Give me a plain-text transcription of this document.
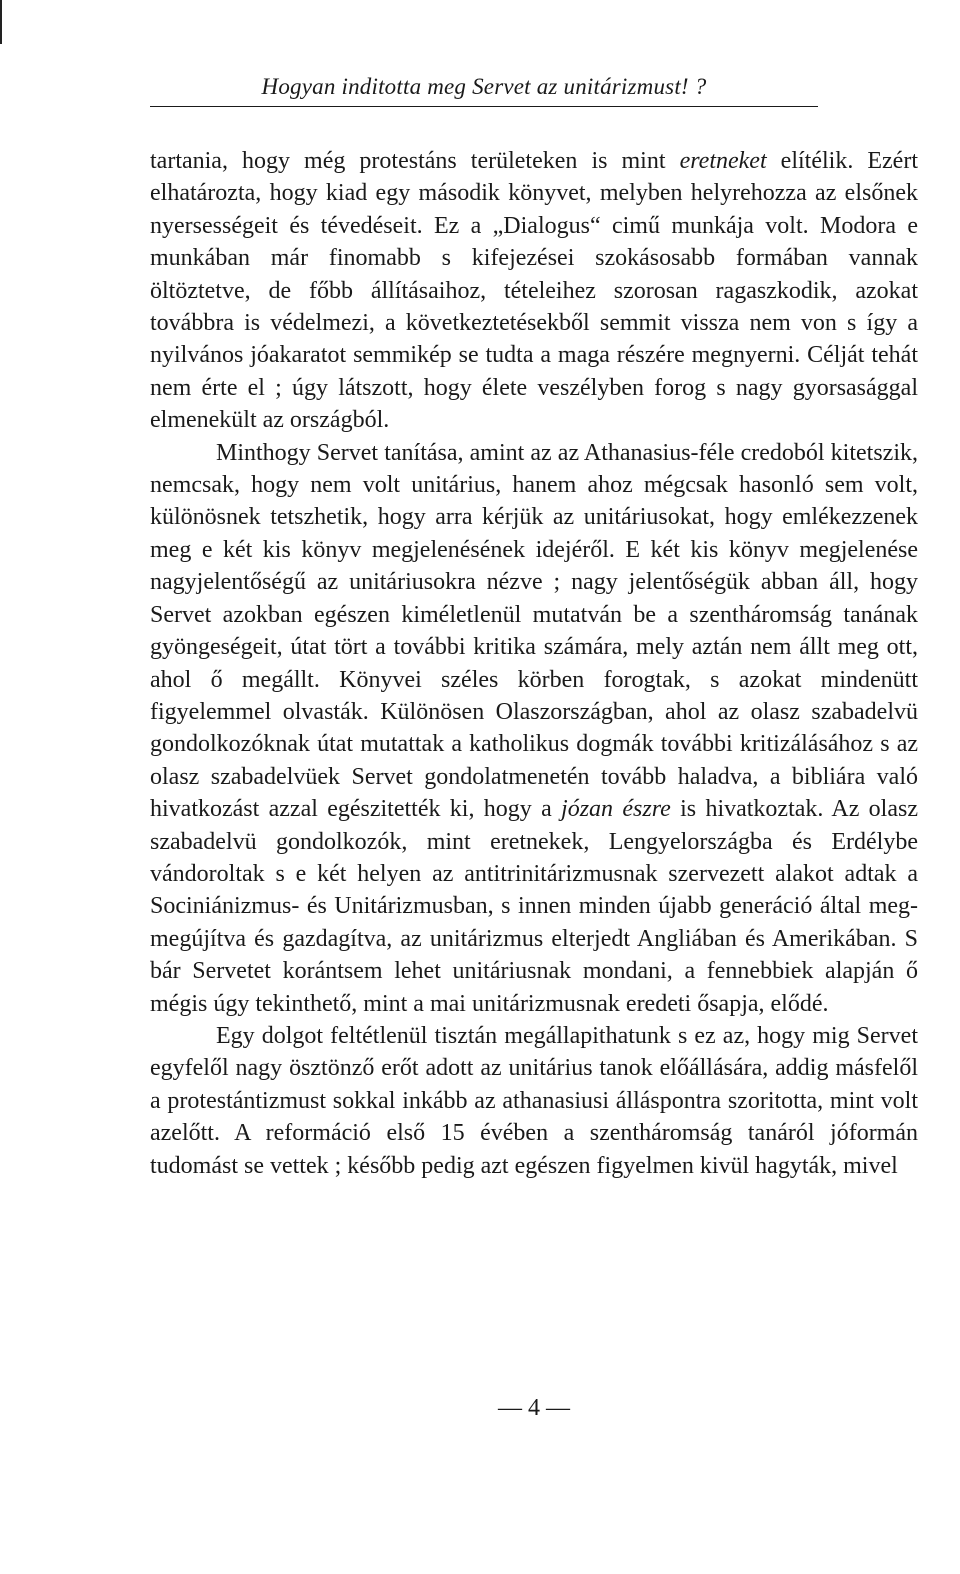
Hogyan inditotta meg Servet az unitárizmust! ?

tartania, hogy még protestáns területeken is mint eretneket elítélik. Ezért elhatározta, hogy kiad egy második könyvet, melyben helyrehozza az elsőnek nyersességeit és tévedéseit. Ez a „Dialogus“ cimű munkája volt. Modora e munkában már finomabb s kifejezései szokásosabb formában vannak öltöztetve, de főbb állításaihoz, tételeihez szorosan ragaszkodik, azokat továbbra is védelmezi, a következtetésekből semmit vissza nem von s így a nyilvános jóakaratot semmikép se tudta a maga részére megnyerni. Célját tehát nem érte el ; úgy látszott, hogy élete veszélyben forog s nagy gyorsasággal elmenekült az országból.

Minthogy Servet tanítása, amint az az Athanasius-féle credoból kitetszik, nemcsak, hogy nem volt unitárius, hanem ahoz mégcsak hasonló sem volt, különösnek tetszhetik, hogy arra kérjük az unitáriusokat, hogy emlékezzenek meg e két kis könyv megjelenésének idejéről. E két kis könyv megjelenése nagyjelentőségű az unitáriusokra nézve ; nagy jelentőségük abban áll, hogy Servet azokban egészen kiméletlenül mutatván be a szentháromság tanának gyöngeségeit, útat tört a további kritika számára, mely aztán nem állt meg ott, ahol ő megállt. Könyvei széles körben forogtak, s azokat mindenütt figyelemmel olvasták. Különösen Olaszországban, ahol az olasz szabadelvü gondolkozóknak útat mutattak a katholikus dogmák további kritizálásához s az olasz szabadelvüek Servet gondolatmenetén tovább haladva, a bibliára való hivatkozást azzal egészitették ki, hogy a józan észre is hivatkoztak. Az olasz szabadelvü gondolkozók, mint eretnekek, Lengyelországba és Erdélybe vándoroltak s e két helyen az antitrinitárizmusnak szervezett alakot adtak a Sociniánizmus- és Unitárizmusban, s innen minden újabb generáció által meg-megújítva és gazdagítva, az unitárizmus elterjedt Angliában és Amerikában. S bár Servetet korántsem lehet unitáriusnak mondani, a fennebbiek alapján ő mégis úgy tekinthető, mint a mai unitárizmusnak eredeti ősapja, elődé.

Egy dolgot feltétlenül tisztán megállapithatunk s ez az, hogy mig Servet egyfelől nagy ösztönző erőt adott az unitárius tanok előállására, addig másfelől a protestántizmust sokkal inkább az athanasiusi álláspontra szoritotta, mint volt azelőtt. A reformáció első 15 évében a szentháromság tanáról jóformán tudomást se vettek ; később pedig azt egészen figyelmen kivül hagyták, mivel

— 4 —
